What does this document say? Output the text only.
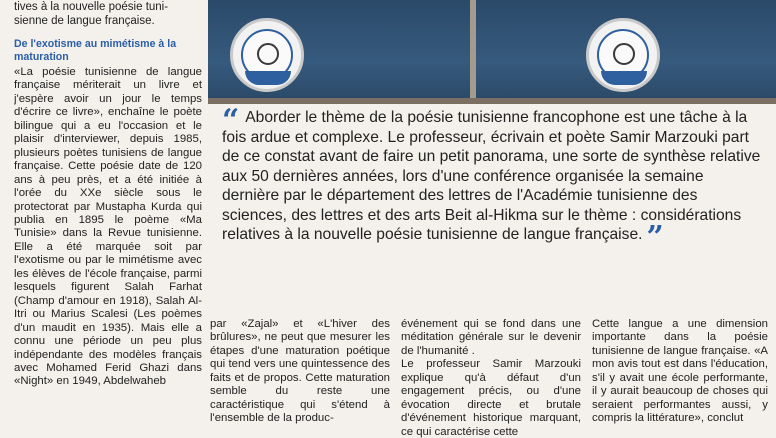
tives à la nouvelle poésie tuni-
sienne de langue française.

De l'exotisme au mimétisme à la maturation

«La poésie tunisienne de langue française mériterait un livre et j'espère avoir un jour le temps d'écrire ce livre», enchaîne le poète bilingue qui a eu l'occasion et le plaisir d'interviewer, depuis 1985, plusieurs poètes tunisiens de langue française. Cette poésie date de 120 ans à peu près, et a été initiée à l'orée du XXe siècle sous le protectorat par Mustapha Kurda qui publia en 1895 le poème «Ma Tunisie» dans la Revue tunisienne. Elle a été marquée soit par l'exotisme ou par le mimétisme avec les élèves de l'école française, parmi lesquels figurent Salah Farhat (Champ d'amour en 1918), Salah Al-Itri ou Marius Scalesi (Les poèmes d'un maudit en 1935). Mais elle a connu une période un peu plus indépendante des modèles français avec Mohamed Ferid Ghazi dans «Night» en 1949, Abdelwaheb

“ Aborder le thème de la poésie tunisienne francophone est une tâche à la fois ardue et complexe. Le professeur, écrivain et poète Samir Marzouki part de ce constat avant de faire un petit panorama, une sorte de synthèse relative aux 50 dernières années, lors d'une conférence organisée la semaine dernière par le département des lettres de l'Académie tunisienne des sciences, des lettres et des arts Beit al-Hikma sur le thème : considérations relatives à la nouvelle poésie tunisienne de langue française. ”

par «Zajal» et «L'hiver des brûlures», ne peut que mesurer les étapes d'une maturation poétique qui tend vers une quintessence des faits et de propos. Cette maturation semble du reste une caractéristique qui s'étend à l'ensemble de la produc-

événement qui se fond dans une méditation générale sur le devenir de l'humanité .

Le professeur Samir Marzouki explique qu'à défaut d'un engagement précis, ou d'une évocation directe et brutale d'événement historique marquant, ce qui caractérise cette

Cette langue a une dimension importante dans la poésie tunisienne de langue française. «A mon avis tout est dans l'éducation, s'il y avait une école performante, il y aurait beaucoup de choses qui seraient performantes aussi, y compris la littérature», conclut
